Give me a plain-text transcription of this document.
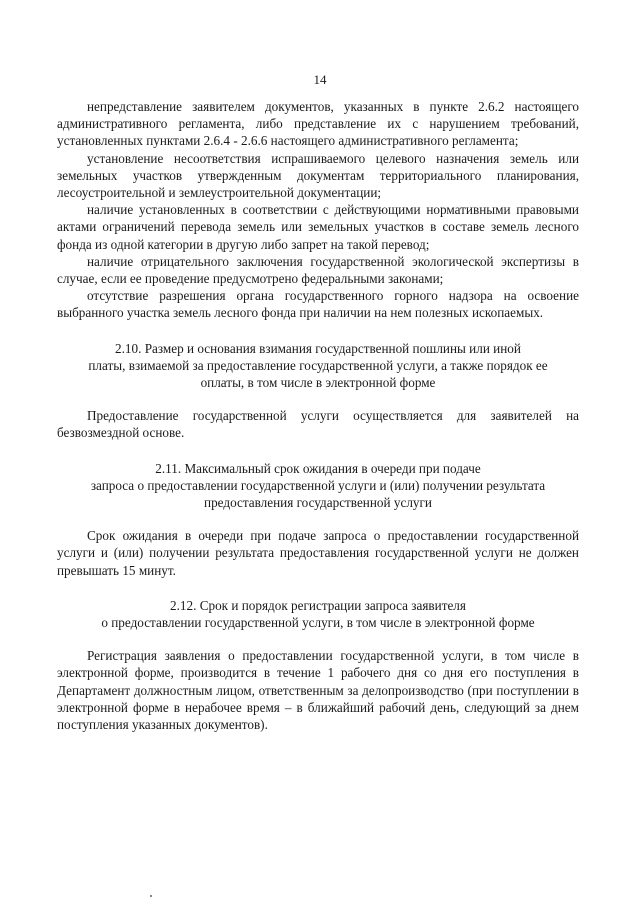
14

непредставление заявителем документов, указанных в пункте 2.6.2 настоящего административного регламента, либо представление их с нарушением требований, установленных пунктами 2.6.4 - 2.6.6 настоящего административного регламента;

установление несоответствия испрашиваемого целевого назначения земель или земельных участков утвержденным документам территориального планирования, лесоустроительной и землеустроительной документации;

наличие установленных в соответствии с действующими нормативными правовыми актами ограничений перевода земель или земельных участков в составе земель лесного фонда из одной категории в другую либо запрет на такой перевод;

наличие отрицательного заключения государственной экологической экспертизы в случае, если ее проведение предусмотрено федеральными законами;

отсутствие разрешения органа государственного горного надзора на освоение выбранного участка земель лесного фонда при наличии на нем полезных ископаемых.

2.10. Размер и основания взимания государственной пошлины или иной
платы, взимаемой за предоставление государственной услуги, а также порядок ее
оплаты, в том числе в электронной форме

Предоставление государственной услуги осуществляется для заявителей на безвозмездной основе.

2.11. Максимальный срок ожидания в очереди при подаче
запроса о предоставлении государственной услуги и (или) получении результата
предоставления государственной услуги

Срок ожидания в очереди при подаче запроса о предоставлении государственной услуги и (или) получении результата предоставления государственной услуги не должен превышать 15 минут.

2.12. Срок и порядок регистрации запроса заявителя
о предоставлении государственной услуги, в том числе в электронной форме

Регистрация заявления о предоставлении государственной услуги, в том числе в электронной форме, производится в течение 1 рабочего дня со дня его поступления в Департамент должностным лицом, ответственным за делопроизводство (при поступлении в электронной форме в нерабочее время – в ближайший рабочий день, следующий за днем поступления указанных документов).
